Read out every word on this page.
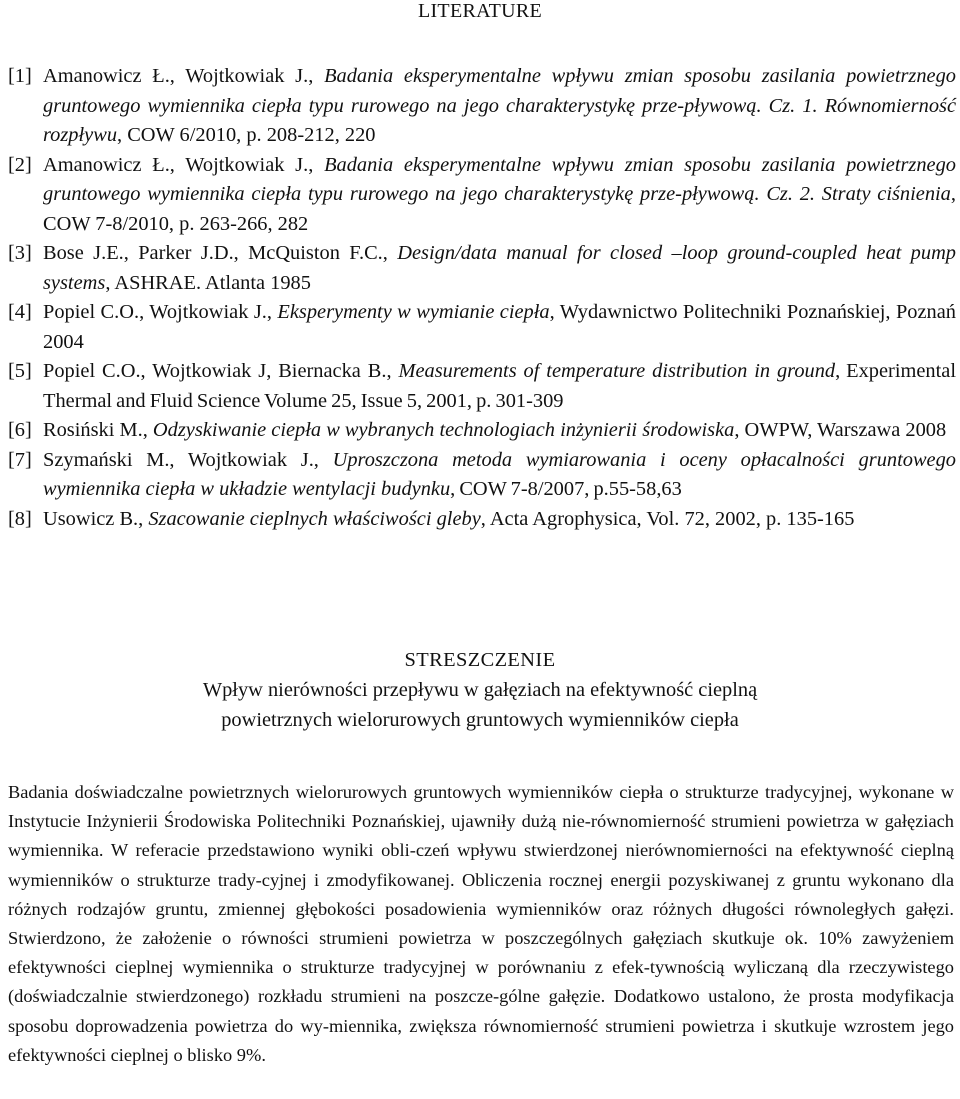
LITERATURE

[1] Amanowicz Ł., Wojtkowiak J., Badania eksperymentalne wpływu zmian sposobu zasilania powietrznego gruntowego wymiennika ciepła typu rurowego na jego charakterystykę prze-pływową. Cz. 1. Równomierność rozpływu, COW 6/2010, p. 208-212, 220

[2] Amanowicz Ł., Wojtkowiak J., Badania eksperymentalne wpływu zmian sposobu zasilania powietrznego gruntowego wymiennika ciepła typu rurowego na jego charakterystykę prze-pływową. Cz. 2. Straty ciśnienia, COW 7-8/2010, p. 263-266, 282

[3] Bose J.E., Parker J.D., McQuiston F.C., Design/data manual for closed –loop ground-coupled heat pump systems, ASHRAE. Atlanta 1985

[4] Popiel C.O., Wojtkowiak J., Eksperymenty w wymianie ciepła, Wydawnictwo Politechniki Poznańskiej, Poznań 2004

[5] Popiel C.O., Wojtkowiak J, Biernacka B., Measurements of temperature distribution in ground, Experimental Thermal and Fluid Science Volume 25, Issue 5, 2001, p. 301-309

[6] Rosiński M., Odzyskiwanie ciepła w wybranych technologiach inżynierii środowiska, OWPW, Warszawa 2008

[7] Szymański M., Wojtkowiak J., Uproszczona metoda wymiarowania i oceny opłacalności gruntowego wymiennika ciepła w układzie wentylacji budynku, COW 7-8/2007, p.55-58,63

[8] Usowicz B., Szacowanie cieplnych właściwości gleby, Acta Agrophysica, Vol. 72, 2002, p. 135-165

STRESZCZENIE
Wpływ nierówności przepływu w gałęziach na efektywność cieplną
powietrznych wielorurowych gruntowych wymienników ciepła
Badania doświadczalne powietrznych wielorurowych gruntowych wymienników ciepła o strukturze tradycyjnej, wykonane w Instytucie Inżynierii Środowiska Politechniki Poznańskiej, ujawniły dużą nie-równomierność strumieni powietrza w gałęziach wymiennika. W referacie przedstawiono wyniki obli-czeń wpływu stwierdzonej nierównomierności na efektywność cieplną wymienników o strukturze trady-cyjnej i zmodyfikowanej. Obliczenia rocznej energii pozyskiwanej z gruntu wykonano dla różnych rodzajów gruntu, zmiennej głębokości posadowienia wymienników oraz różnych długości równoległych gałęzi. Stwierdzono, że założenie o równości strumieni powietrza w poszczególnych gałęziach skutkuje ok. 10% zawyżeniem efektywności cieplnej wymiennika o strukturze tradycyjnej w porównaniu z efek-tywnością wyliczaną dla rzeczywistego (doświadczalnie stwierdzonego) rozkładu strumieni na poszcze-gólne gałęzie. Dodatkowo ustalono, że prosta modyfikacja sposobu doprowadzenia powietrza do wy-miennika, zwiększa równomierność strumieni powietrza i skutkuje wzrostem jego efektywności cieplnej o blisko 9%.
